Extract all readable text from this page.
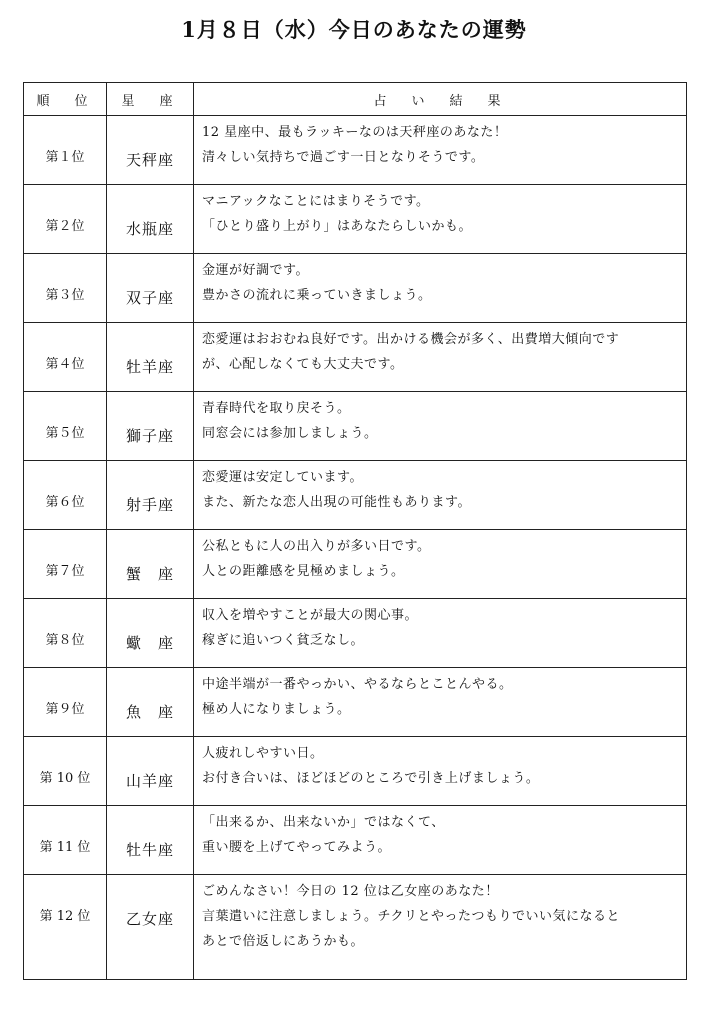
1月８日（水）今日のあなたの運勢
順　位	星　座	占　い　結　果

第１位	天秤座	12 星座中、最もラッキーなのは天秤座のあなた！
清々しい気持ちで過ごす一日となりそうです。

第２位	水瓶座	マニアックなことにはまりそうです。
「ひとり盛り上がり」はあなたらしいかも。

第３位	双子座	金運が好調です。
豊かさの流れに乗っていきましょう。

第４位	牡羊座	恋愛運はおおむね良好です。出かける機会が多く、出費増大傾向です
が、心配しなくても大丈夫です。

第５位	獅子座	青春時代を取り戻そう。
同窓会には参加しましょう。

第６位	射手座	恋愛運は安定しています。
また、新たな恋人出現の可能性もあります。

第７位	蟹　座	公私ともに人の出入りが多い日です。
人との距離感を見極めましょう。

第８位	蠍　座	収入を増やすことが最大の関心事。
稼ぎに追いつく貧乏なし。

第９位	魚　座	中途半端が一番やっかい、やるならとことんやる。
極め人になりましょう。

第 10 位	山羊座	人疲れしやすい日。
お付き合いは、ほどほどのところで引き上げましょう。

第 11 位	牡牛座	「出来るか、出来ないか」ではなくて、
重い腰を上げてやってみよう。

第 12 位	乙女座	ごめんなさい！今日の 12 位は乙女座のあなた！
言葉遣いに注意しましょう。チクリとやったつもりでいい気になると
あとで倍返しにあうかも。
